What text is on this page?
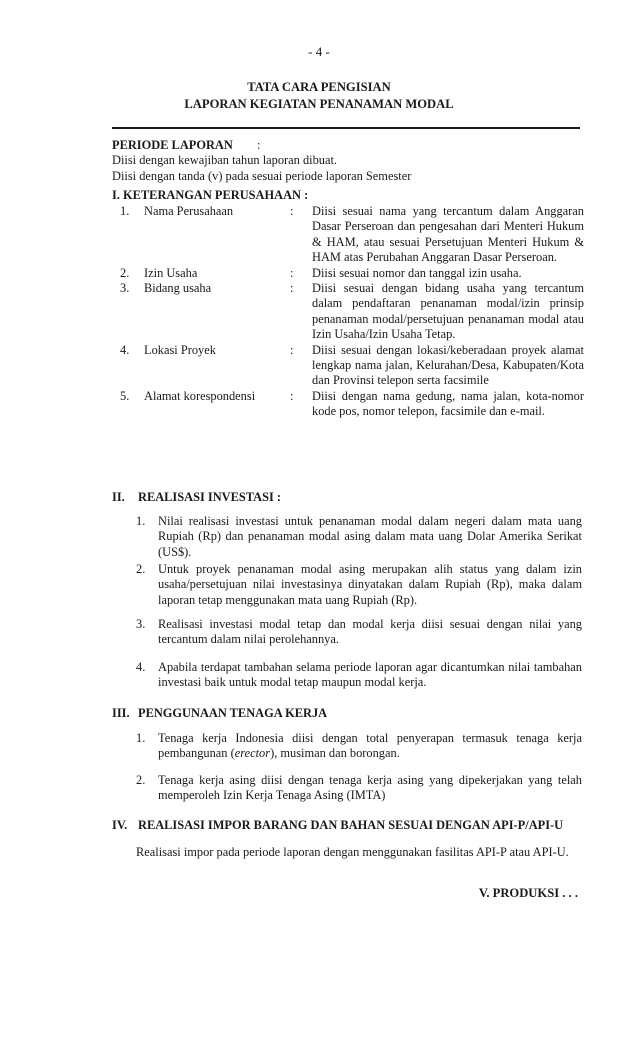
- 4 -
TATA CARA PENGISIAN
LAPORAN KEGIATAN PENANAMAN MODAL
PERIODE LAPORAN :
Diisi dengan kewajiban tahun laporan dibuat.
Diisi dengan tanda (v) pada sesuai periode laporan Semester
I. KETERANGAN PERUSAHAAN :
1.	Nama Perusahaan	:	Diisi sesuai nama yang tercantum dalam Anggaran Dasar Perseroan dan pengesahan dari Menteri Hukum & HAM, atau sesuai Persetujuan Menteri Hukum & HAM atas Perubahan Anggaran Dasar Perseroan.
2.	Izin Usaha	:	Diisi sesuai nomor dan tanggal izin usaha.
3.	Bidang usaha	:	Diisi sesuai dengan bidang usaha yang tercantum dalam pendaftaran penanaman modal/izin prinsip penanaman modal/persetujuan penanaman modal atau Izin Usaha/Izin Usaha Tetap.
4.	Lokasi Proyek	:	Diisi sesuai dengan lokasi/keberadaan proyek alamat lengkap nama jalan, Kelurahan/Desa, Kabupaten/Kota dan Provinsi telepon serta facsimile
5.	Alamat korespondensi	:	Diisi dengan nama gedung, nama jalan, kota-nomor kode pos, nomor telepon, facsimile dan e-mail.
II. REALISASI INVESTASI :
1.	Nilai realisasi investasi untuk penanaman modal dalam negeri dalam mata uang Rupiah (Rp) dan penanaman modal asing dalam mata uang Dolar Amerika Serikat (US$).
2.	Untuk proyek penanaman modal asing merupakan alih status yang dalam izin usaha/persetujuan nilai investasinya dinyatakan dalam Rupiah (Rp), maka dalam laporan tetap menggunakan mata uang Rupiah (Rp).
3.	Realisasi investasi modal tetap dan modal kerja diisi sesuai dengan nilai yang tercantum dalam nilai perolehannya.
4.	Apabila terdapat tambahan selama periode laporan agar dicantumkan nilai tambahan investasi baik untuk modal tetap maupun modal kerja.
III. PENGGUNAAN TENAGA KERJA
1.	Tenaga kerja Indonesia diisi dengan total penyerapan termasuk tenaga kerja pembangunan (erector), musiman dan borongan.
2.	Tenaga kerja asing diisi dengan tenaga kerja asing yang dipekerjakan yang telah memperoleh Izin Kerja Tenaga Asing (IMTA)
IV. REALISASI IMPOR BARANG DAN BAHAN SESUAI DENGAN API-P/API-U
Realisasi impor pada periode laporan dengan menggunakan fasilitas API-P atau API-U.
V. PRODUKSI . . .
